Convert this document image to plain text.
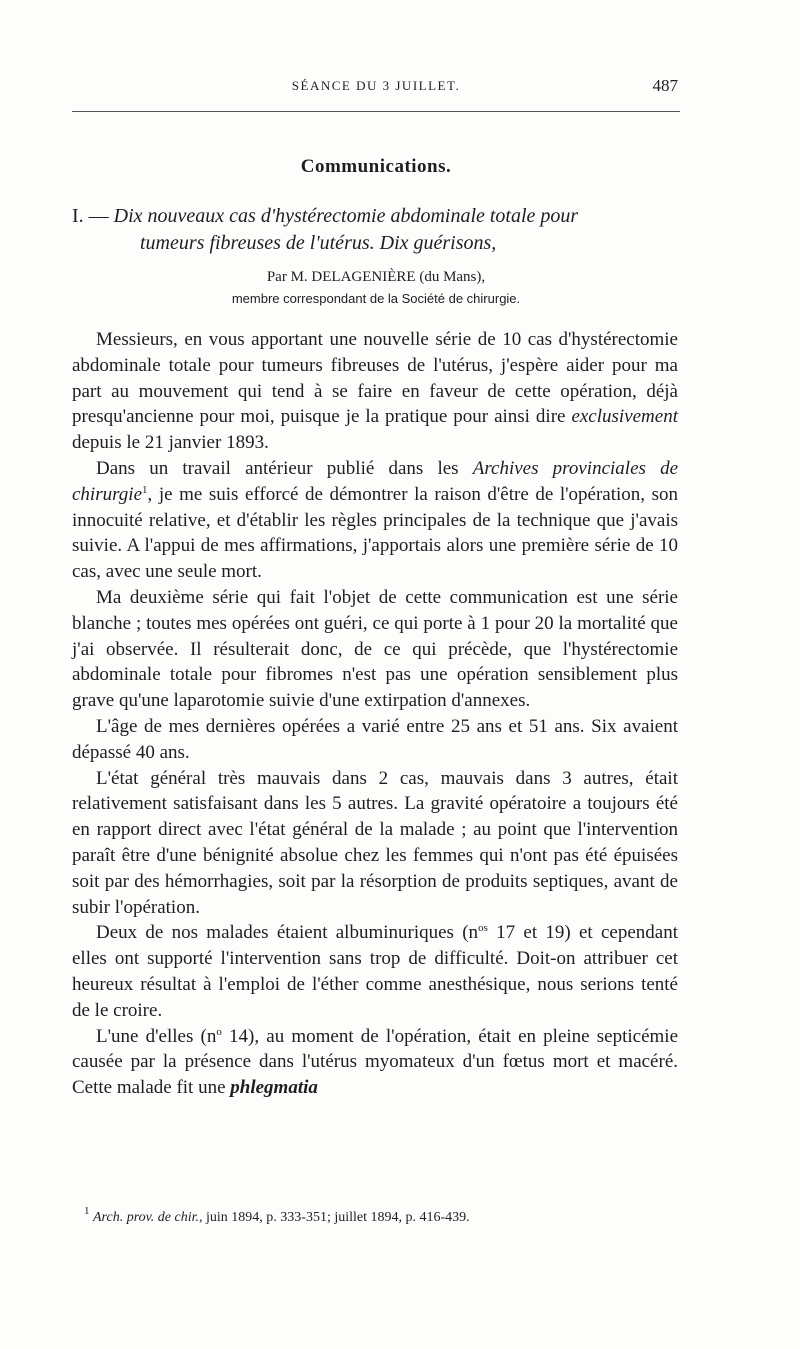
SÉANCE DU 3 JUILLET.	487
Communications.
I. — Dix nouveaux cas d'hystérectomie abdominale totale pour
tumeurs fibreuses de l'utérus. Dix guérisons,
Par M. DELAGENIÈRE (du Mans),
membre correspondant de la Société de chirurgie.

Messieurs, en vous apportant une nouvelle série de 10 cas d'hystérectomie abdominale totale pour tumeurs fibreuses de l'utérus, j'espère aider pour ma part au mouvement qui tend à se faire en faveur de cette opération, déjà presqu'ancienne pour moi, puisque je la pratique pour ainsi dire exclusivement depuis le 21 janvier 1893.

Dans un travail antérieur publié dans les Archives provinciales de chirurgie$^1$, je me suis efforcé de démontrer la raison d'être de l'opération, son innocuité relative, et d'établir les règles principales de la technique que j'avais suivie. A l'appui de mes affirmations, j'apportais alors une première série de 10 cas, avec une seule mort.

Ma deuxième série qui fait l'objet de cette communication est une série blanche ; toutes mes opérées ont guéri, ce qui porte à 1 pour 20 la mortalité que j'ai observée. Il résulterait donc, de ce qui précède, que l'hystérectomie abdominale totale pour fibromes n'est pas une opération sensiblement plus grave qu'une laparotomie suivie d'une extirpation d'annexes.

L'âge de mes dernières opérées a varié entre 25 ans et 51 ans. Six avaient dépassé 40 ans.

L'état général très mauvais dans 2 cas, mauvais dans 3 autres, était relativement satisfaisant dans les 5 autres. La gravité opératoire a toujours été en rapport direct avec l'état général de la malade ; au point que l'intervention paraît être d'une bénignité absolue chez les femmes qui n'ont pas été épuisées soit par des hémorrhagies, soit par la résorption de produits septiques, avant de subir l'opération.

Deux de nos malades étaient albuminuriques ($n^{os}$ 17 et 19) et cependant elles ont supporté l'intervention sans trop de difficulté. Doit-on attribuer cet heureux résultat à l'emploi de l'éther comme anesthésique, nous serions tenté de le croire.

L'une d'elles ($n^o$ 14), au moment de l'opération, était en pleine septicémie causée par la présence dans l'utérus myomateux d'un fœtus mort et macéré. Cette malade fit une phlegmatia

$^1$ Arch. prov. de chir., juin 1894, p. 333-351; juillet 1894, p. 416-439.
